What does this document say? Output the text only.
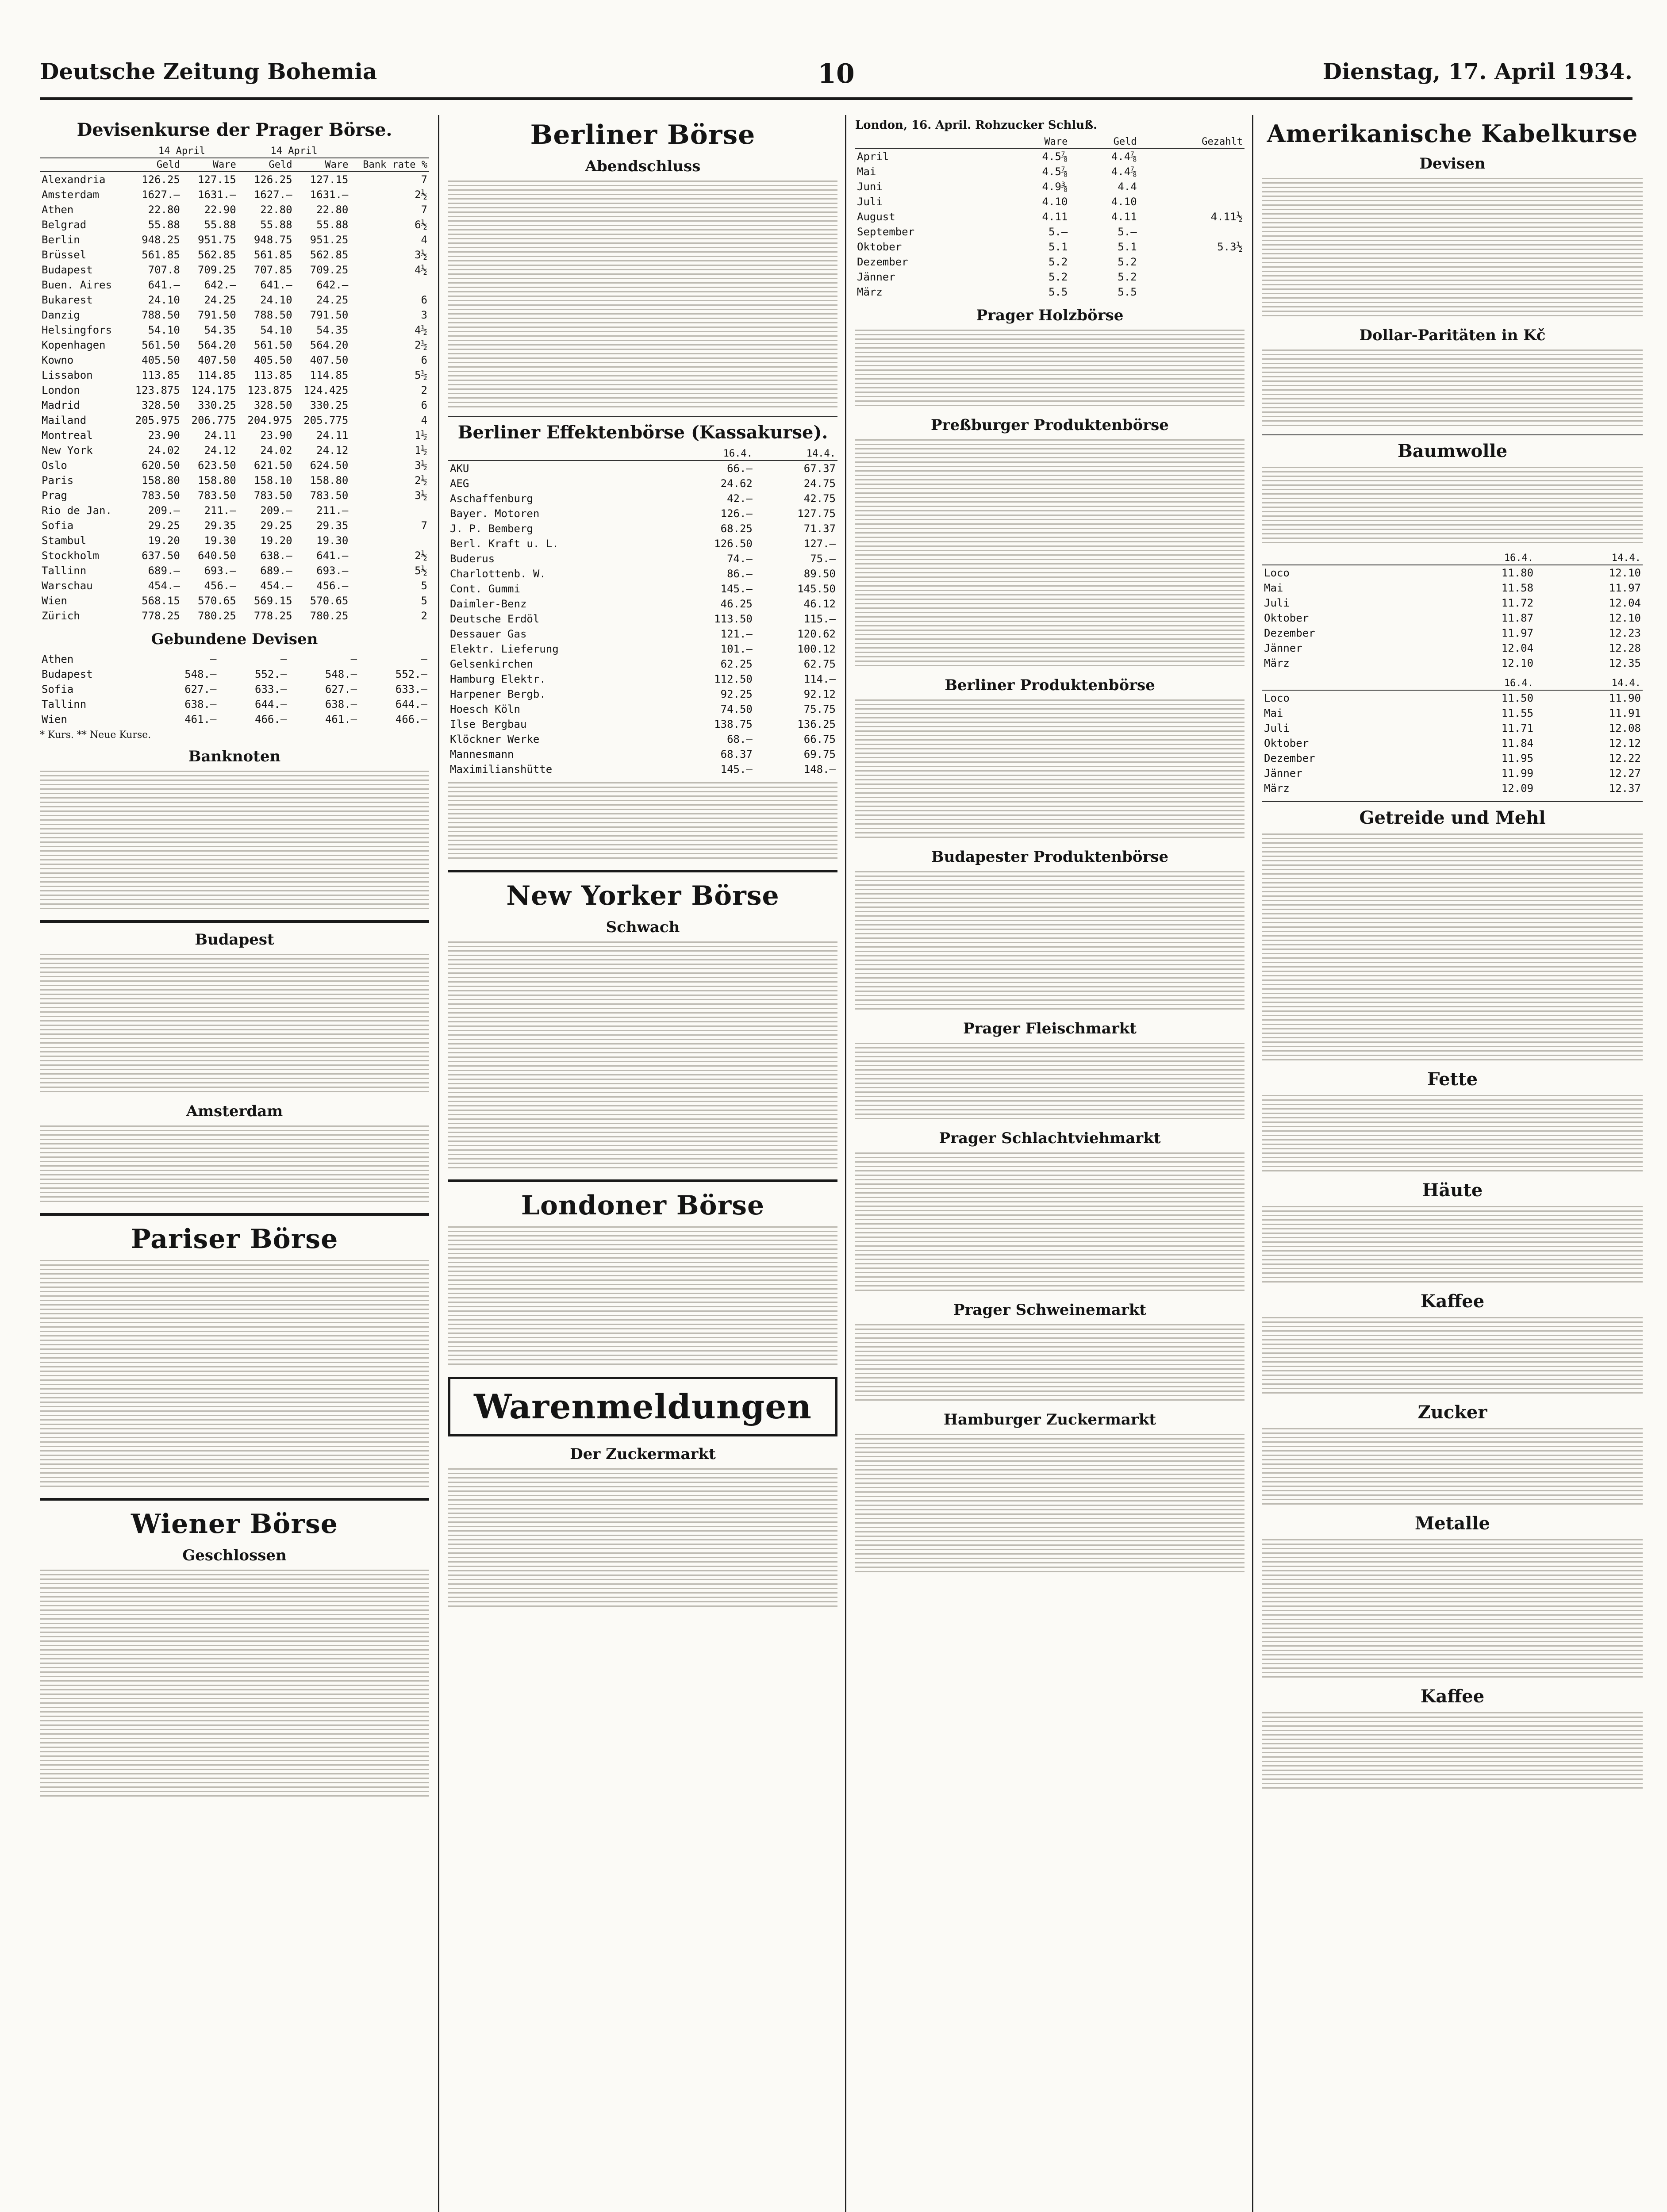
Deutsche Zeitung Bohemia	10	Dienstag, 17. April 1934.
Devisenkurse der Prager Börse.
	14 April		14 April		
	Geld	Ware	Geld	Ware	Bank rate %
Alexandria	126.25	127.15	126.25	127.15	7
Amsterdam	1627.—	1631.—	1627.—	1631.—	2½
Athen	22.80	22.90	22.80	22.80	7
Belgrad	55.88	55.88	55.88	55.88	6½
Berlin	948.25	951.75	948.75	951.25	4
Brüssel	561.85	562.85	561.85	562.85	3½
Budapest	707.8	709.25	707.85	709.25	4½
Buen. Aires	641.—	642.—	641.—	642.—	
Bukarest	24.10	24.25	24.10	24.25	6
Danzig	788.50	791.50	788.50	791.50	3
Helsingfors	54.10	54.35	54.10	54.35	4½
Kopenhagen	561.50	564.20	561.50	564.20	2½
Kowno	405.50	407.50	405.50	407.50	6
Lissabon	113.85	114.85	113.85	114.85	5½
London	123.875	124.175	123.875	124.425	2
Madrid	328.50	330.25	328.50	330.25	6
Mailand	205.975	206.775	204.975	205.775	4
Montreal	23.90	24.11	23.90	24.11	1½
New York	24.02	24.12	24.02	24.12	1½
Oslo	620.50	623.50	621.50	624.50	3½
Paris	158.80	158.80	158.10	158.80	2½
Prag	783.50	783.50	783.50	783.50	3½
Rio de Jan.	209.—	211.—	209.—	211.—	
Sofia	29.25	29.35	29.25	29.35	7
Stambul	19.20	19.30	19.20	19.30	
Stockholm	637.50	640.50	638.—	641.—	2½
Tallinn	689.—	693.—	689.—	693.—	5½
Warschau	454.—	456.—	454.—	456.—	5
Wien	568.15	570.65	569.15	570.65	5
Zürich	778.25	780.25	778.25	780.25	2
Gebundene Devisen
Athen	—	—	—	—
Budapest	548.—	552.—	548.—	552.—
Sofia	627.—	633.—	627.—	633.—
Tallinn	638.—	644.—	638.—	644.—
Wien	461.—	466.—	461.—	466.—
* Kurs. ** Neue Kurse.
Banknoten
Budapest
Amsterdam
Pariser Börse
Wiener Börse
Geschlossen
Berliner Börse
Abendschluss
Berliner Effektenbörse (Kassakurse).
	16.4.	14.4.
AKU	66.—	67.37
AEG	24.62	24.75
Aschaffenburg	42.—	42.75
Bayer. Motoren	126.—	127.75
J. P. Bemberg	68.25	71.37
Berl. Kraft u. L.	126.50	127.—
Buderus	74.—	75.—
Charlottenb. W.	86.—	89.50
Cont. Gummi	145.—	145.50
Daimler-Benz	46.25	46.12
Deutsche Erdöl	113.50	115.—
Dessauer Gas	121.—	120.62
Elektr. Lieferung	101.—	100.12
Gelsenkirchen	62.25	62.75
Hamburg Elektr.	112.50	114.—
Harpener Bergb.	92.25	92.12
Hoesch Köln	74.50	75.75
Ilse Bergbau	138.75	136.25
Klöckner Werke	68.—	66.75
Mannesmann	68.37	69.75
Maximilianshütte	145.—	148.—
New Yorker Börse
Schwach
Londoner Börse
Warenmeldungen
Der Zuckermarkt
London, 16. April. Rohzucker Schluß.
	Ware	Geld	Gezahlt
April	4.5⅞	4.4⅞	
Mai	4.5⅞	4.4⅞	
Juni	4.9⅜	4.4	
Juli	4.10	4.10	
August	4.11	4.11	4.11½
September	5.—	5.—	
Oktober	5.1	5.1	5.3½
Dezember	5.2	5.2	
Jänner	5.2	5.2	
März	5.5	5.5	
Prager Holzbörse
Preßburger Produktenbörse
Berliner Produktenbörse
Budapester Produktenbörse
Prager Fleischmarkt
Prager Schlachtviehmarkt
Prager Schweinemarkt
Hamburger Zuckermarkt
Amerikanische Kabelkurse
Devisen
Dollar-Paritäten in Kč
Baumwolle
	16.4.	14.4.
Loco	11.80	12.10
Mai	11.58	11.97
Juli	11.72	12.04
Oktober	11.87	12.10
Dezember	11.97	12.23
Jänner	12.04	12.28
März	12.10	12.35
	16.4.	14.4.
Loco	11.50	11.90
Mai	11.55	11.91
Juli	11.71	12.08
Oktober	11.84	12.12
Dezember	11.95	12.22
Jänner	11.99	12.27
März	12.09	12.37
Getreide und Mehl
Fette
Häute
Kaffee
Zucker
Metalle
Kaffee
